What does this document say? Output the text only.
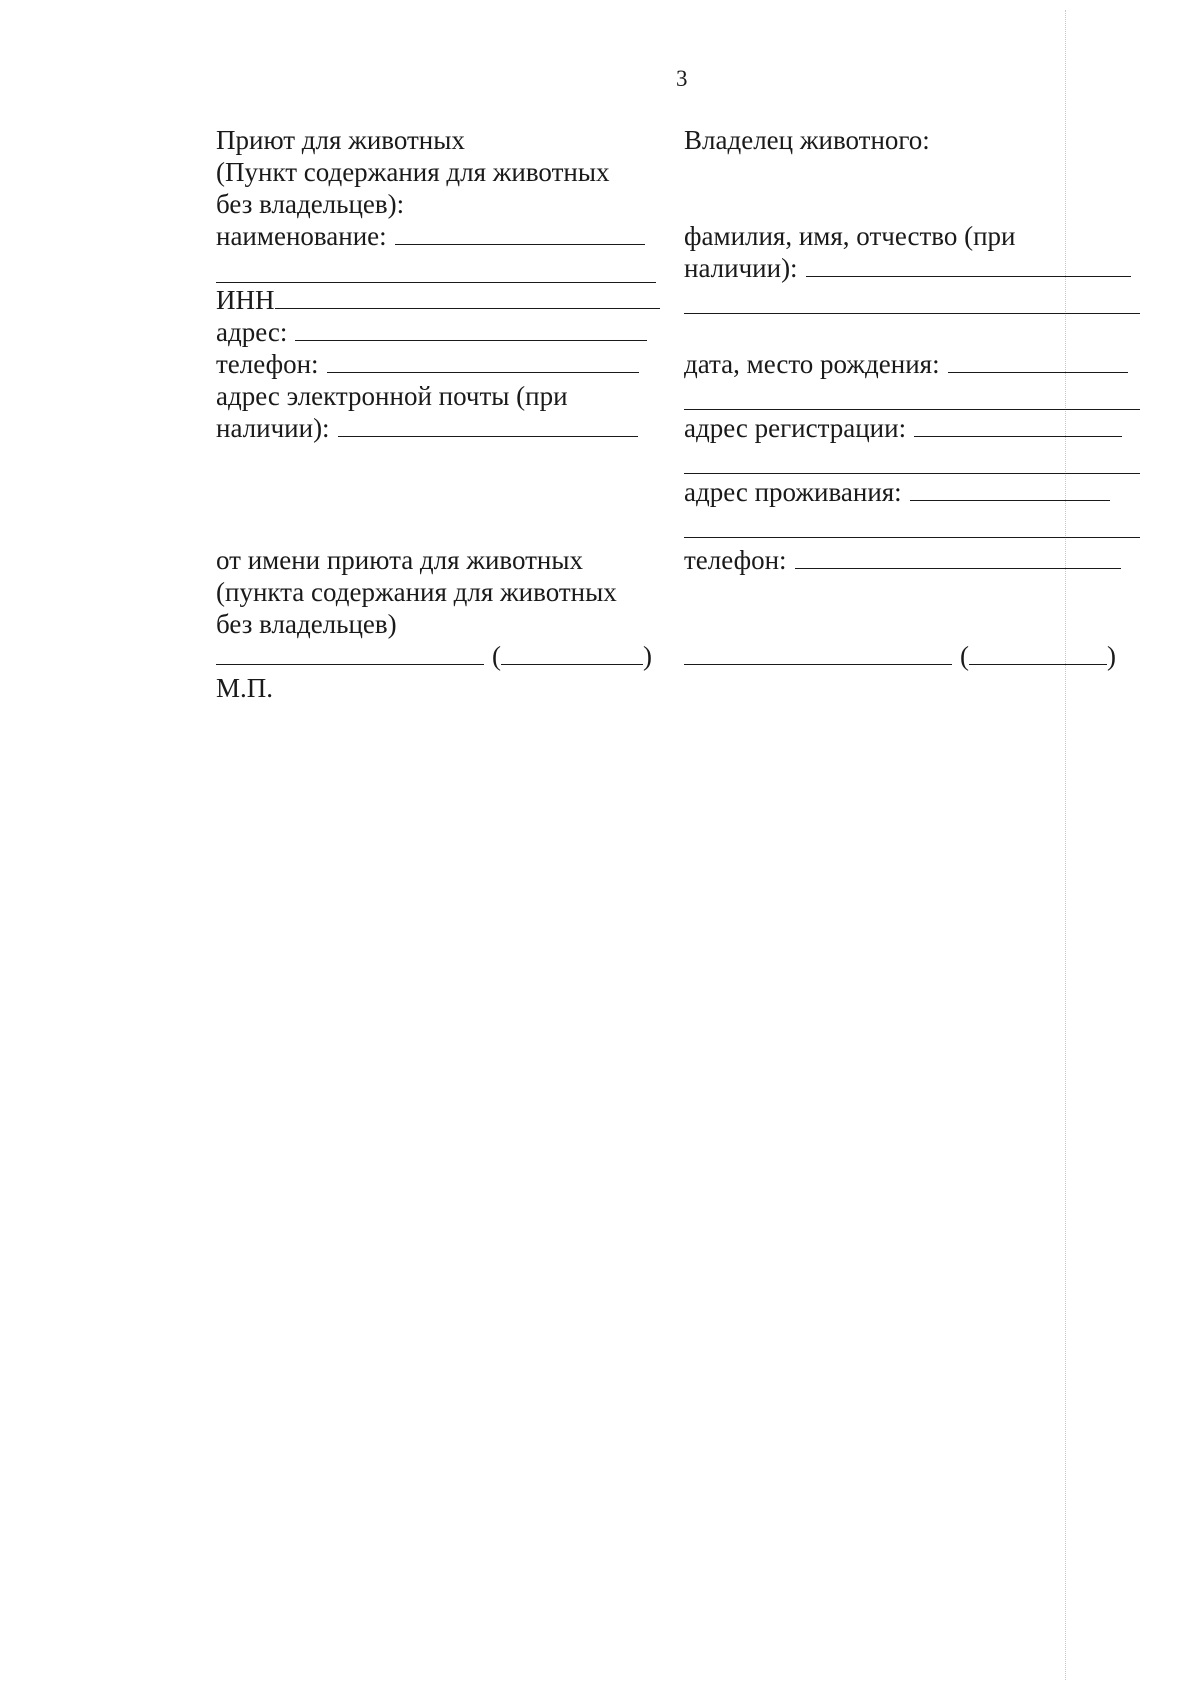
3
Приют для животных
(Пункт содержания для животных
без владельцев):
наименование:
ИНН
адрес:
телефон:
адрес электронной почты (при
наличии):
от имени приюта для животных
(пункта содержания для животных
без владельцев)
(	)
М.П.
Владелец животного:
фамилия, имя, отчество (при
наличии):
дата, место рождения:
адрес регистрации:
адрес проживания:
телефон:
(	)
